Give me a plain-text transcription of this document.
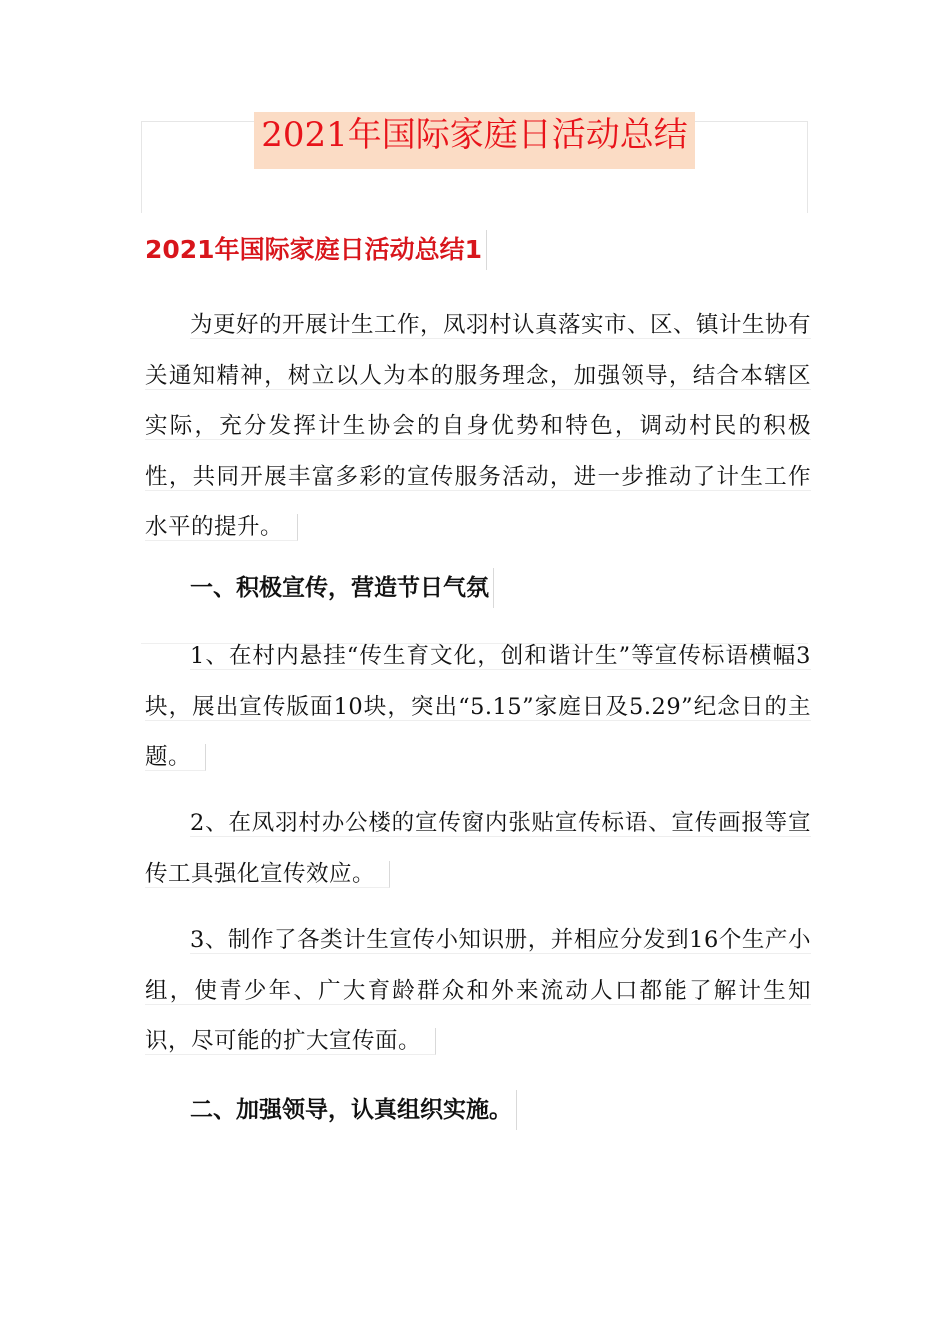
2021年国际家庭日活动总结
2021年国际家庭日活动总结1
为更好的开展计生工作，凤羽村认真落实市、区、镇计生协有关通知精神，树立以人为本的服务理念，加强领导，结合本辖区实际，充分发挥计生协会的自身优势和特色，调动村民的积极性，共同开展丰富多彩的宣传服务活动，进一步推动了计生工作水平的提升。
一、积极宣传，营造节日气氛
1、在村内悬挂“传生育文化，创和谐计生”等宣传标语横幅3块，展出宣传版面10块，突出“5.15”家庭日及5.29”纪念日的主题。
2、在凤羽村办公楼的宣传窗内张贴宣传标语、宣传画报等宣传工具强化宣传效应。
3、制作了各类计生宣传小知识册，并相应分发到16个生产小组，使青少年、广大育龄群众和外来流动人口都能了解计生知识，尽可能的扩大宣传面。
二、加强领导，认真组织实施。
